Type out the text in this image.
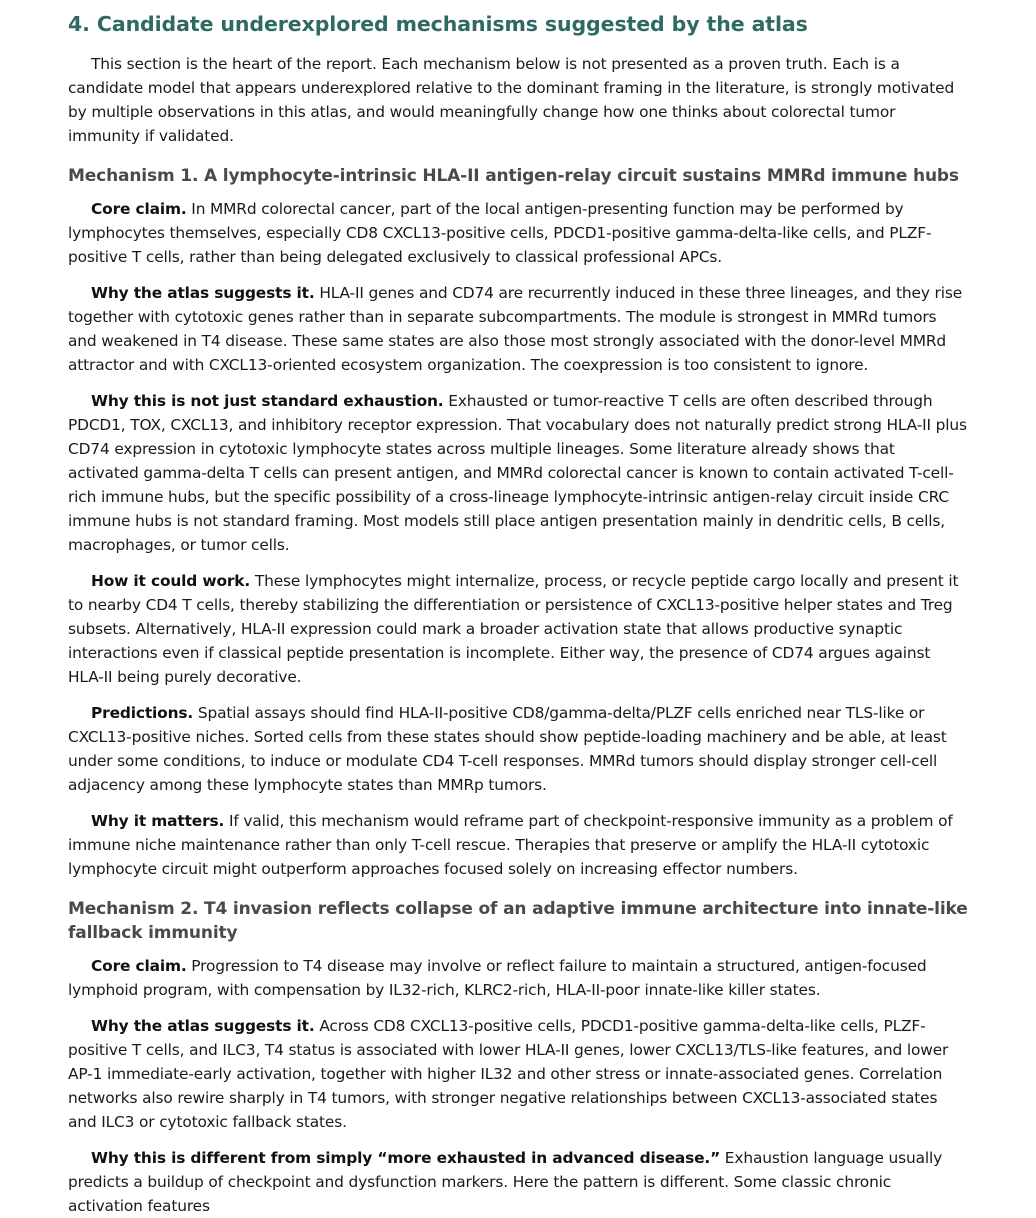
4. Candidate underexplored mechanisms suggested by the atlas

This section is the heart of the report. Each mechanism below is not presented as a proven truth. Each is a candidate model that appears underexplored relative to the dominant framing in the literature, is strongly motivated by multiple observations in this atlas, and would meaningfully change how one thinks about colorectal tumor immunity if validated.

Mechanism 1. A lymphocyte-intrinsic HLA-II antigen-relay circuit sustains MMRd immune hubs

Core claim. In MMRd colorectal cancer, part of the local antigen-presenting function may be performed by lymphocytes themselves, especially CD8 CXCL13-positive cells, PDCD1-positive gamma-delta-like cells, and PLZF-positive T cells, rather than being delegated exclusively to classical professional APCs.

Why the atlas suggests it. HLA-II genes and CD74 are recurrently induced in these three lineages, and they rise together with cytotoxic genes rather than in separate subcompartments. The module is strongest in MMRd tumors and weakened in T4 disease. These same states are also those most strongly associated with the donor-level MMRd attractor and with CXCL13-oriented ecosystem organization. The coexpression is too consistent to ignore.

Why this is not just standard exhaustion. Exhausted or tumor-reactive T cells are often described through PDCD1, TOX, CXCL13, and inhibitory receptor expression. That vocabulary does not naturally predict strong HLA-II plus CD74 expression in cytotoxic lymphocyte states across multiple lineages. Some literature already shows that activated gamma-delta T cells can present antigen, and MMRd colorectal cancer is known to contain activated T-cell-rich immune hubs, but the specific possibility of a cross-lineage lymphocyte-intrinsic antigen-relay circuit inside CRC immune hubs is not standard framing. Most models still place antigen presentation mainly in dendritic cells, B cells, macrophages, or tumor cells.

How it could work. These lymphocytes might internalize, process, or recycle peptide cargo locally and present it to nearby CD4 T cells, thereby stabilizing the differentiation or persistence of CXCL13-positive helper states and Treg subsets. Alternatively, HLA-II expression could mark a broader activation state that allows productive synaptic interactions even if classical peptide presentation is incomplete. Either way, the presence of CD74 argues against HLA-II being purely decorative.

Predictions. Spatial assays should find HLA-II-positive CD8/gamma-delta/PLZF cells enriched near TLS-like or CXCL13-positive niches. Sorted cells from these states should show peptide-loading machinery and be able, at least under some conditions, to induce or modulate CD4 T-cell responses. MMRd tumors should display stronger cell-cell adjacency among these lymphocyte states than MMRp tumors.

Why it matters. If valid, this mechanism would reframe part of checkpoint-responsive immunity as a problem of immune niche maintenance rather than only T-cell rescue. Therapies that preserve or amplify the HLA-II cytotoxic lymphocyte circuit might outperform approaches focused solely on increasing effector numbers.

Mechanism 2. T4 invasion reflects collapse of an adaptive immune architecture into innate-like fallback immunity

Core claim. Progression to T4 disease may involve or reflect failure to maintain a structured, antigen-focused lymphoid program, with compensation by IL32-rich, KLRC2-rich, HLA-II-poor innate-like killer states.

Why the atlas suggests it. Across CD8 CXCL13-positive cells, PDCD1-positive gamma-delta-like cells, PLZF-positive T cells, and ILC3, T4 status is associated with lower HLA-II genes, lower CXCL13/TLS-like features, and lower AP-1 immediate-early activation, together with higher IL32 and other stress or innate-associated genes. Correlation networks also rewire sharply in T4 tumors, with stronger negative relationships between CXCL13-associated states and ILC3 or cytotoxic fallback states.

Why this is different from simply “more exhausted in advanced disease.” Exhaustion language usually predicts a buildup of checkpoint and dysfunction markers. Here the pattern is different. Some classic chronic activation features
